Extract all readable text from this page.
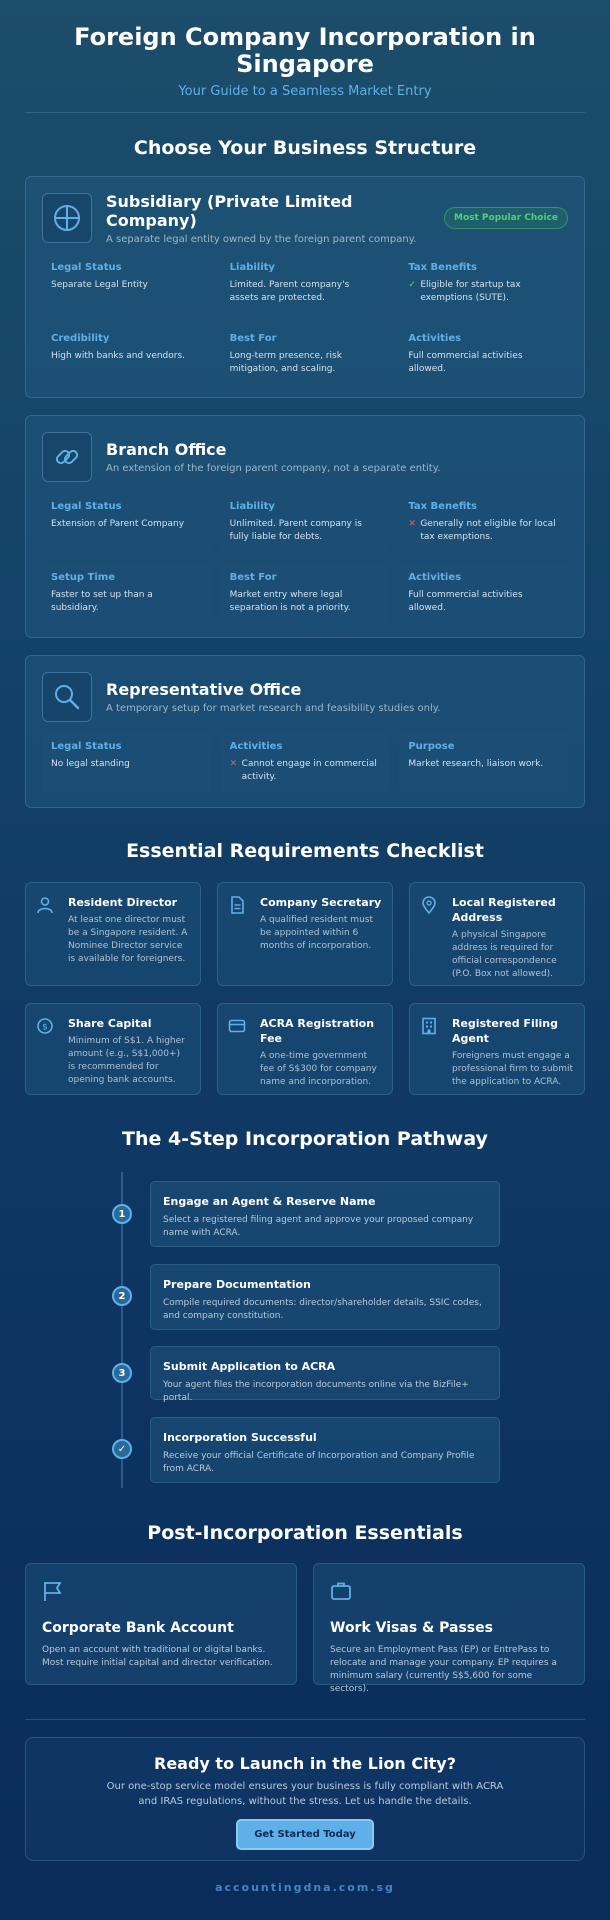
Foreign Company Incorporation in
Singapore
Your Guide to a Seamless Market Entry
Choose Your Business Structure
Subsidiary (Private Limited Company)
A separate legal entity owned by the foreign parent company.
Most Popular Choice
Legal Status
Separate Legal Entity
Liability
Limited. Parent company's assets are protected.
Tax Benefits
✓ Eligible for startup tax exemptions (SUTE).
Credibility
High with banks and vendors.
Best For
Long-term presence, risk mitigation, and scaling.
Activities
Full commercial activities allowed.
Branch Office
An extension of the foreign parent company, not a separate entity.
Legal Status
Extension of Parent Company
Liability
Unlimited. Parent company is fully liable for debts.
Tax Benefits
✕ Generally not eligible for local tax exemptions.
Setup Time
Faster to set up than a subsidiary.
Best For
Market entry where legal separation is not a priority.
Activities
Full commercial activities allowed.
Representative Office
A temporary setup for market research and feasibility studies only.
Legal Status
No legal standing
Activities
✕ Cannot engage in commercial activity.
Purpose
Market research, liaison work.
Essential Requirements Checklist
Resident Director
At least one director must be a Singapore resident. A Nominee Director service is available for foreigners.
Company Secretary
A qualified resident must be appointed within 6 months of incorporation.
Local Registered Address
A physical Singapore address is required for official correspondence (P.O. Box not allowed).
$ Share Capital
Minimum of S$1. A higher amount (e.g., S$1,000+) is recommended for opening bank accounts.
ACRA Registration Fee
A one-time government fee of S$300 for company name and incorporation.
Registered Filing Agent
Foreigners must engage a professional firm to submit the application to ACRA.
The 4-Step Incorporation Pathway
1
Engage an Agent & Reserve Name
Select a registered filing agent and approve your proposed company name with ACRA.
2
Prepare Documentation
Compile required documents: director/shareholder details, SSIC codes, and company constitution.
3	Submit Application to ACRA
Your agent files the incorporation documents online via the BizFile+ portal.
✓
Incorporation Successful
Receive your official Certificate of Incorporation and Company Profile from ACRA.
Post-Incorporation Essentials
Corporate Bank Account
Open an account with traditional or digital banks. Most require initial capital and director verification.
Work Visas & Passes
Secure an Employment Pass (EP) or EntrePass to relocate and manage your company. EP requires a minimum salary (currently S$5,600 for some sectors).
Ready to Launch in the Lion City?

Our one-stop service model ensures your business is fully compliant with ACRA and IRAS regulations, without the stress. Let us handle the details.

Get Started Today
accountingdna.com.sg
